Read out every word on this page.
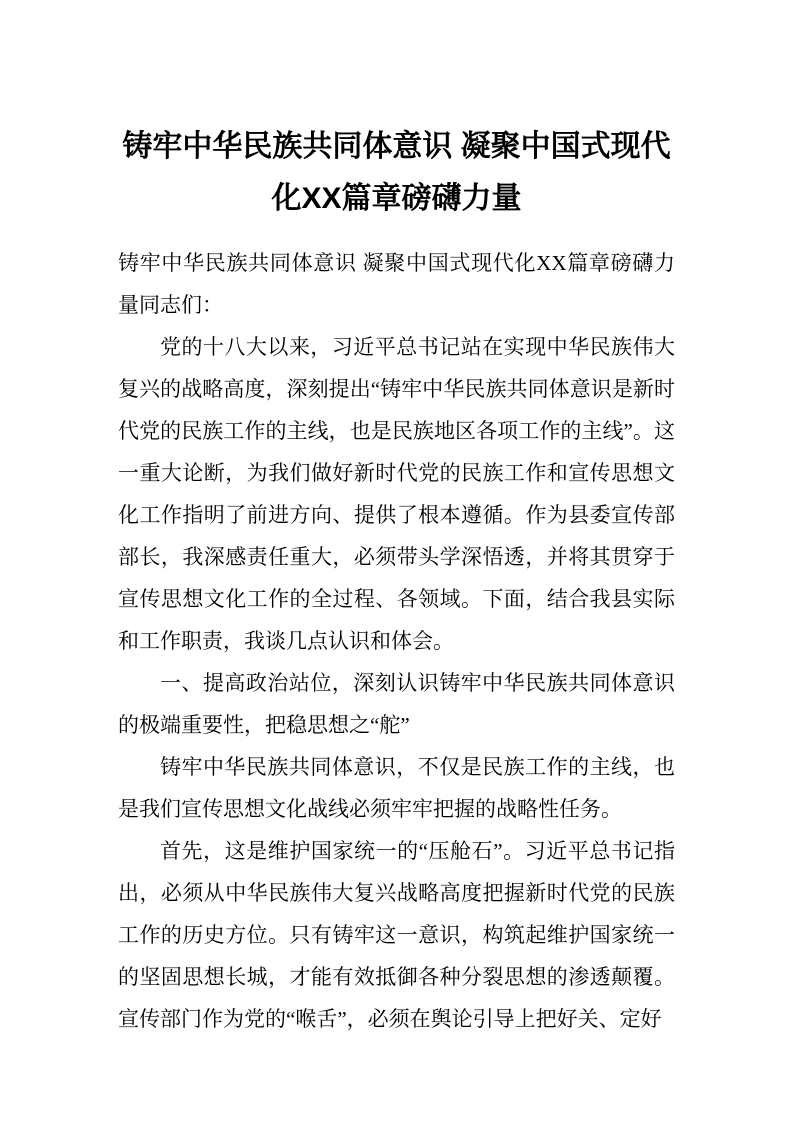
铸牢中华民族共同体意识 凝聚中国式现代化XX篇章磅礴力量

铸牢中华民族共同体意识 凝聚中国式现代化XX篇章磅礴力量同志们：

党的十八大以来，习近平总书记站在实现中华民族伟大复兴的战略高度，深刻提出“铸牢中华民族共同体意识是新时代党的民族工作的主线，也是民族地区各项工作的主线”。这一重大论断，为我们做好新时代党的民族工作和宣传思想文化工作指明了前进方向、提供了根本遵循。作为县委宣传部部长，我深感责任重大，必须带头学深悟透，并将其贯穿于宣传思想文化工作的全过程、各领域。下面，结合我县实际和工作职责，我谈几点认识和体会。

一、提高政治站位，深刻认识铸牢中华民族共同体意识的极端重要性，把稳思想之“舵”

铸牢中华民族共同体意识，不仅是民族工作的主线，也是我们宣传思想文化战线必须牢牢把握的战略性任务。

首先，这是维护国家统一的“压舱石”。习近平总书记指出，必须从中华民族伟大复兴战略高度把握新时代党的民族工作的历史方位。只有铸牢这一意识，构筑起维护国家统一的坚固思想长城，才能有效抵御各种分裂思想的渗透颠覆。宣传部门作为党的“喉舌”，必须在舆论引导上把好关、定好
